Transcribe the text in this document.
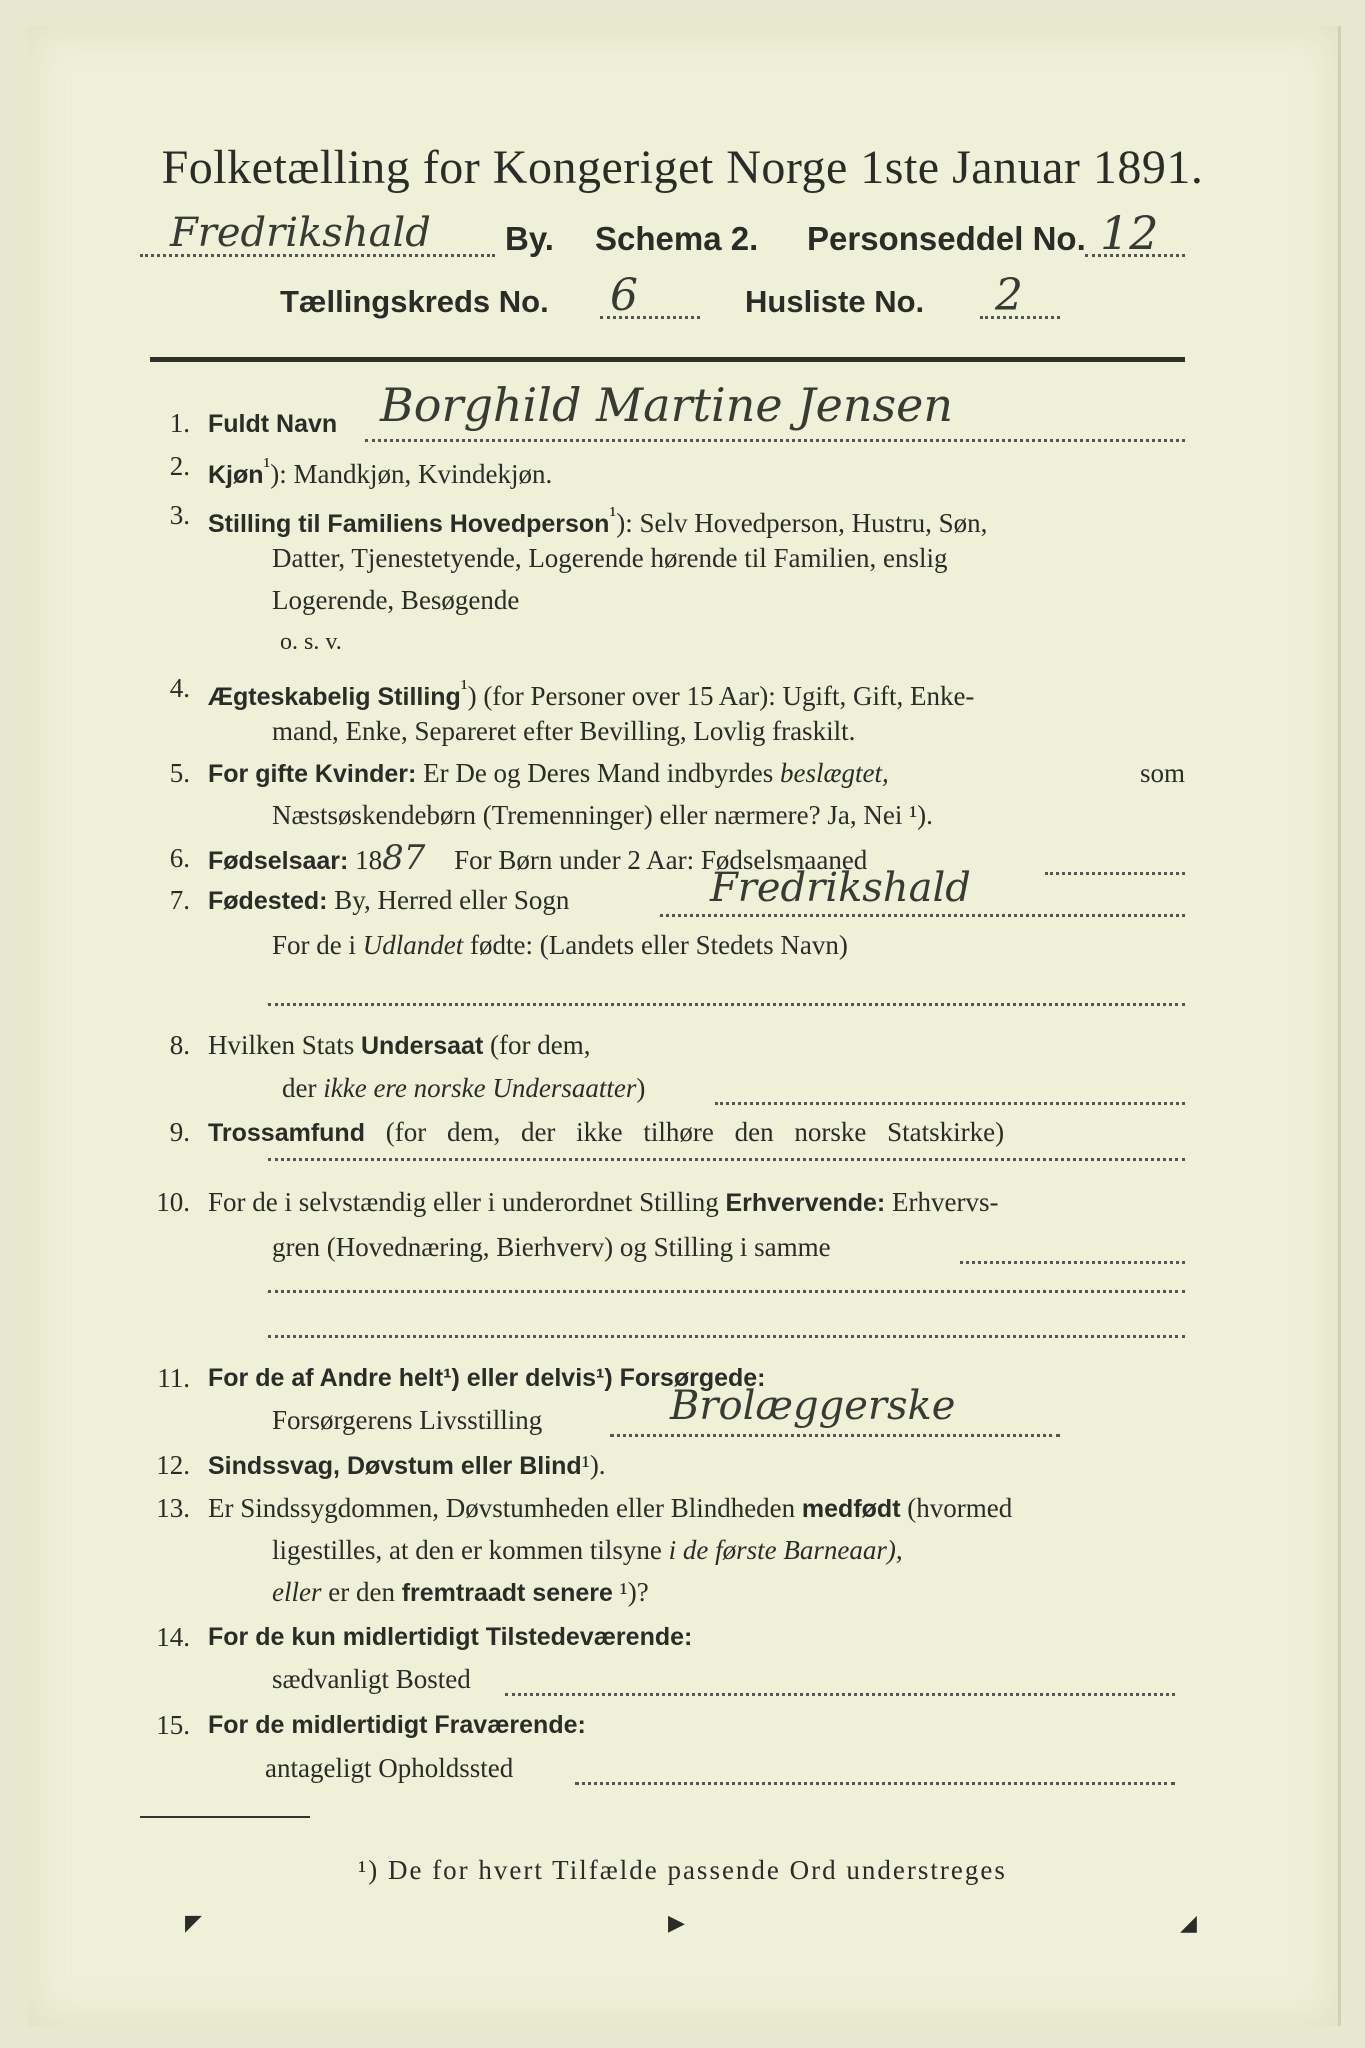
Folketælling for Kongeriget Norge 1ste Januar 1891.
Fredrikshald By. Schema 2. Personseddel No. 12
Tællingskreds No. 6	Husliste No. 2
1. Fuldt Navn Borghild Martine Jensen
2. Kjøn$^{^1}$): Mandkjøn, Kvindekjøn.
3. Stilling til Familiens Hovedperson$^{^1}$): Selv Hovedperson, Hustru, Søn,
Datter, Tjenestetyende, Logerende hørende til Familien, enslig
Logerende, Besøgende
o. s. v.
4. Ægteskabelig Stilling$^{^1}$) (for Personer over 15 Aar): Ugift, Gift, Enke-
mand, Enke, Separeret efter Bevilling, Lovlig fraskilt.
5. For gifte Kvinder: Er De og Deres Mand indbyrdes beslægtet,	som
Næstsøskendebørn (Tremenninger) eller nærmere? Ja, Nei ¹).
6. Fødselsaar: 1887 For Børn under 2 Aar: Fødselsmaaned
7. Fødested: By, Herred eller Sogn	Fredrikshald
For de i Udlandet fødte: (Landets eller Stedets Navn)
8. Hvilken Stats Undersaat (for dem,
der ikke ere norske Undersaatter)
9. Trossamfund (for dem, der ikke tilhøre den norske Statskirke)
10. For de i selvstændig eller i underordnet Stilling Erhvervende: Erhvervs-
gren (Hovednæring, Bierhverv) og Stilling i samme
11. For de af Andre helt¹) eller delvis¹) Forsørgede:
Forsørgerens Livsstilling	Brolæggerske
12. Sindssvag, Døvstum eller Blind¹).
13. Er Sindssygdommen, Døvstumheden eller Blindheden medfødt (hvormed
ligestilles, at den er kommen tilsyne i de første Barneaar),
eller er den fremtraadt senere ¹)?
14. For de kun midlertidigt Tilstedeværende:
sædvanligt Bosted
15. For de midlertidigt Fraværende:
antageligt Opholdssted
¹) De for hvert Tilfælde passende Ord understreges
◤	▶	◢
